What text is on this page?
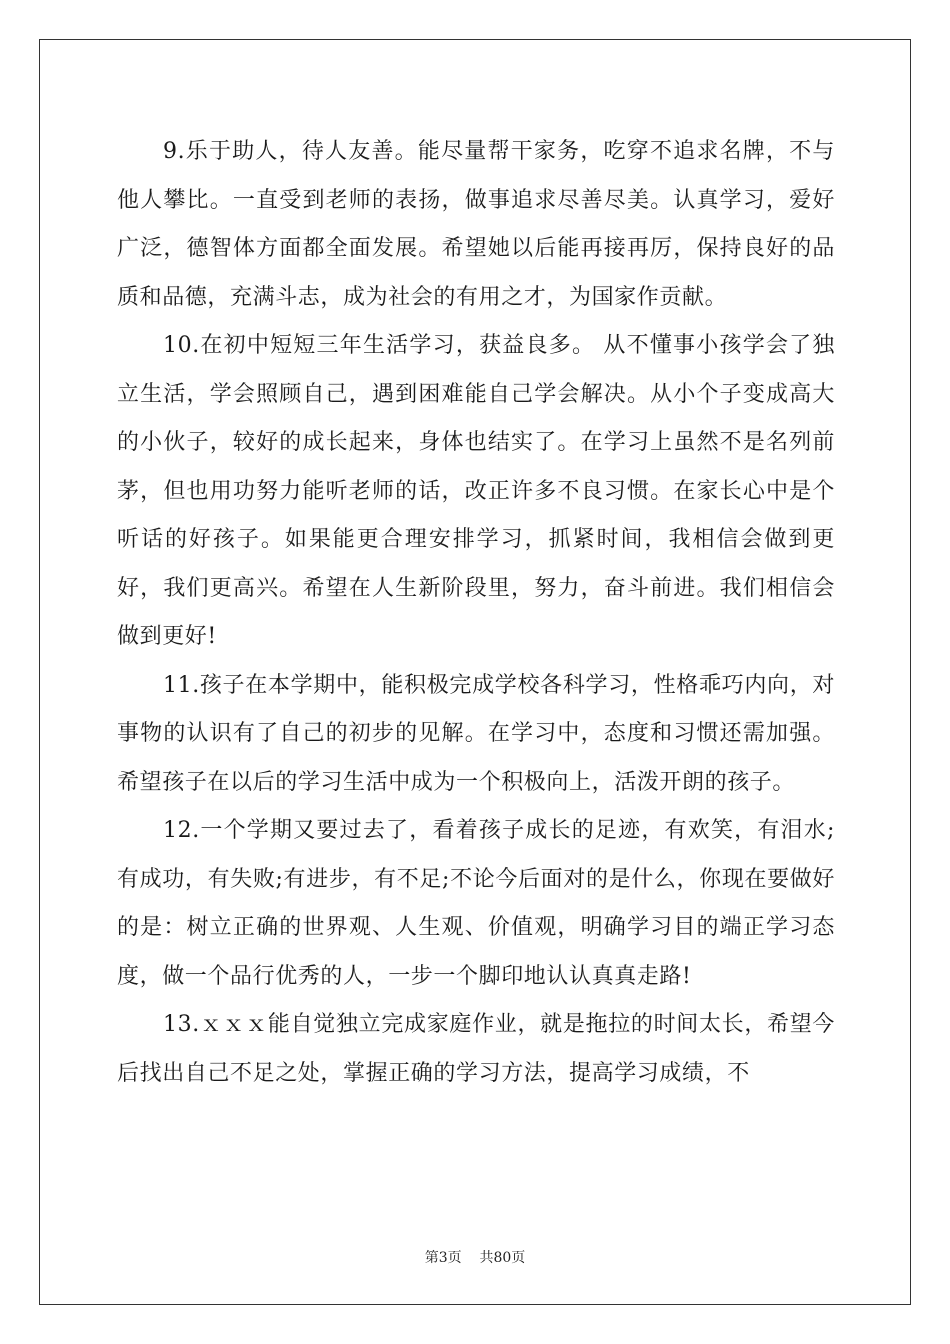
9.乐于助人，待人友善。能尽量帮干家务，吃穿不追求名牌，不与他人攀比。一直受到老师的表扬，做事追求尽善尽美。认真学习，爱好广泛，德智体方面都全面发展。希望她以后能再接再厉，保持良好的品质和品德，充满斗志，成为社会的有用之才，为国家作贡献。

10.在初中短短三年生活学习，获益良多。 从不懂事小孩学会了独立生活，学会照顾自己，遇到困难能自己学会解决。从小个子变成高大的小伙子，较好的成长起来，身体也结实了。在学习上虽然不是名列前茅，但也用功努力能听老师的话，改正许多不良习惯。在家长心中是个听话的好孩子。如果能更合理安排学习，抓紧时间，我相信会做到更好，我们更高兴。希望在人生新阶段里，努力，奋斗前进。我们相信会做到更好!

11.孩子在本学期中，能积极完成学校各科学习，性格乖巧内向，对事物的认识有了自己的初步的见解。在学习中，态度和习惯还需加强。希望孩子在以后的学习生活中成为一个积极向上，活泼开朗的孩子。

12.一个学期又要过去了，看着孩子成长的足迹，有欢笑，有泪水;有成功，有失败;有进步，有不足;不论今后面对的是什么，你现在要做好的是：树立正确的世界观、人生观、价值观，明确学习目的端正学习态度，做一个品行优秀的人，一步一个脚印地认认真真走路!

13.ｘｘｘ能自觉独立完成家庭作业，就是拖拉的时间太长，希望今后找出自己不足之处，掌握正确的学习方法，提高学习成绩，不

第3页 共80页
